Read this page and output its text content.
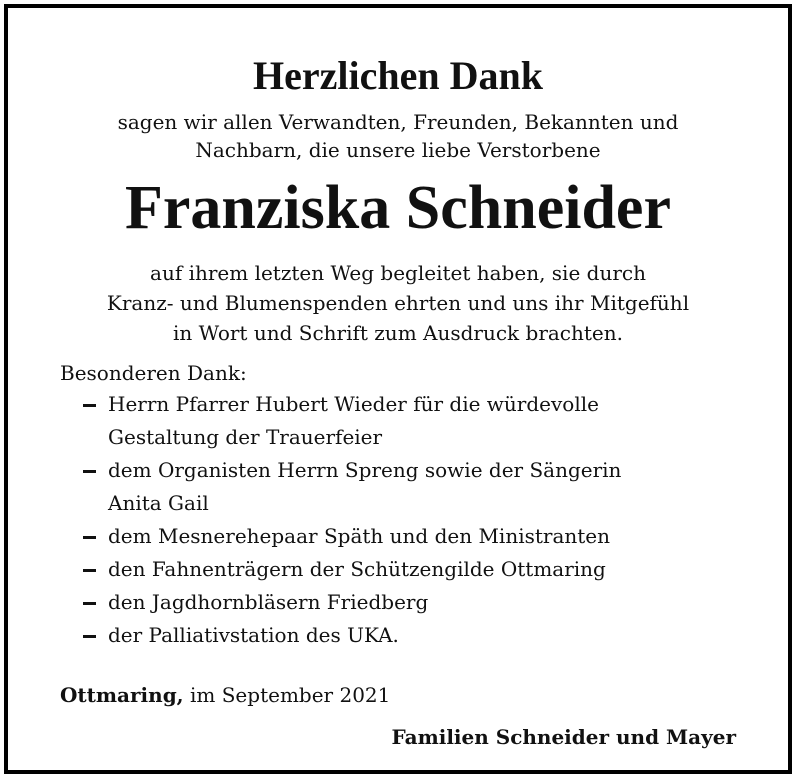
Herzlichen Dank
sagen wir allen Verwandten, Freunden, Bekannten und
Nachbarn, die unsere liebe Verstorbene
Franziska Schneider
auf ihrem letzten Weg begleitet haben, sie durch
Kranz- und Blumenspenden ehrten und uns ihr Mitgefühl
in Wort und Schrift zum Ausdruck brachten.
Besonderen Dank:
Herrn Pfarrer Hubert Wieder für die würdevolle
Gestaltung der Trauerfeier
dem Organisten Herrn Spreng sowie der Sängerin
Anita Gail
dem Mesnerehepaar Späth und den Ministranten
den Fahnenträgern der Schützengilde Ottmaring
den Jagdhornbläsern Friedberg
der Palliativstation des UKA.
Ottmaring, im September 2021
Familien Schneider und Mayer
